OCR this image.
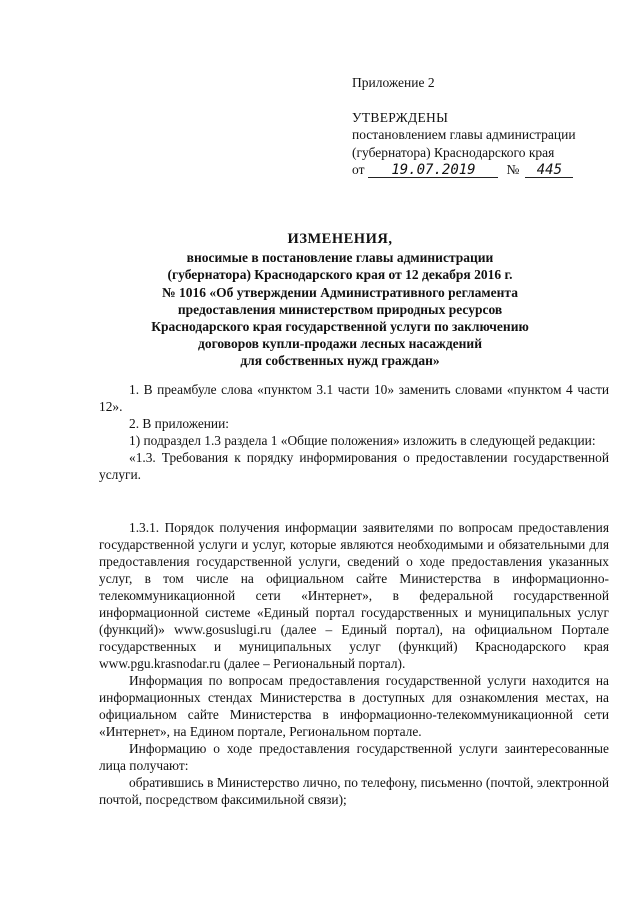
Приложение 2
УТВЕРЖДЕНЫ
постановлением главы администрации
(губернатора) Краснодарского края
от	19.07.2019	№	445
ИЗМЕНЕНИЯ,
вносимые в постановление главы администрации
(губернатора) Краснодарского края от 12 декабря 2016 г.
№ 1016 «Об утверждении Административного регламента
предоставления министерством природных ресурсов
Краснодарского края государственной услуги по заключению
договоров купли-продажи лесных насаждений
для собственных нужд граждан»

1. В преамбуле слова «пунктом 3.1 части 10» заменить словами «пунктом 4 части 12».

2. В приложении:

1) подраздел 1.3 раздела 1 «Общие положения» изложить в следующей редакции:

«1.3. Требования к порядку информирования о предоставлении государственной услуги.

1.3.1. Порядок получения информации заявителями по вопросам предоставления государственной услуги и услуг, которые являются необходимыми и обязательными для предоставления государственной услуги, сведений о ходе предоставления указанных услуг, в том числе на официальном сайте Министерства в информационно-телекоммуникационной сети «Интернет», в федеральной государственной информационной системе «Единый портал государственных и муниципальных услуг (функций)» www.gosuslugi.ru (далее – Единый портал), на официальном Портале государственных и муниципальных услуг (функций) Краснодарского края www.pgu.krasnodar.ru (далее – Региональный портал).

Информация по вопросам предоставления государственной услуги находится на информационных стендах Министерства в доступных для ознакомления местах, на официальном сайте Министерства в информационно-телекоммуникационной сети «Интернет», на Едином портале, Региональном портале.

Информацию о ходе предоставления государственной услуги заинтересованные лица получают:

обратившись в Министерство лично, по телефону, письменно (почтой, электронной почтой, посредством факсимильной связи);
